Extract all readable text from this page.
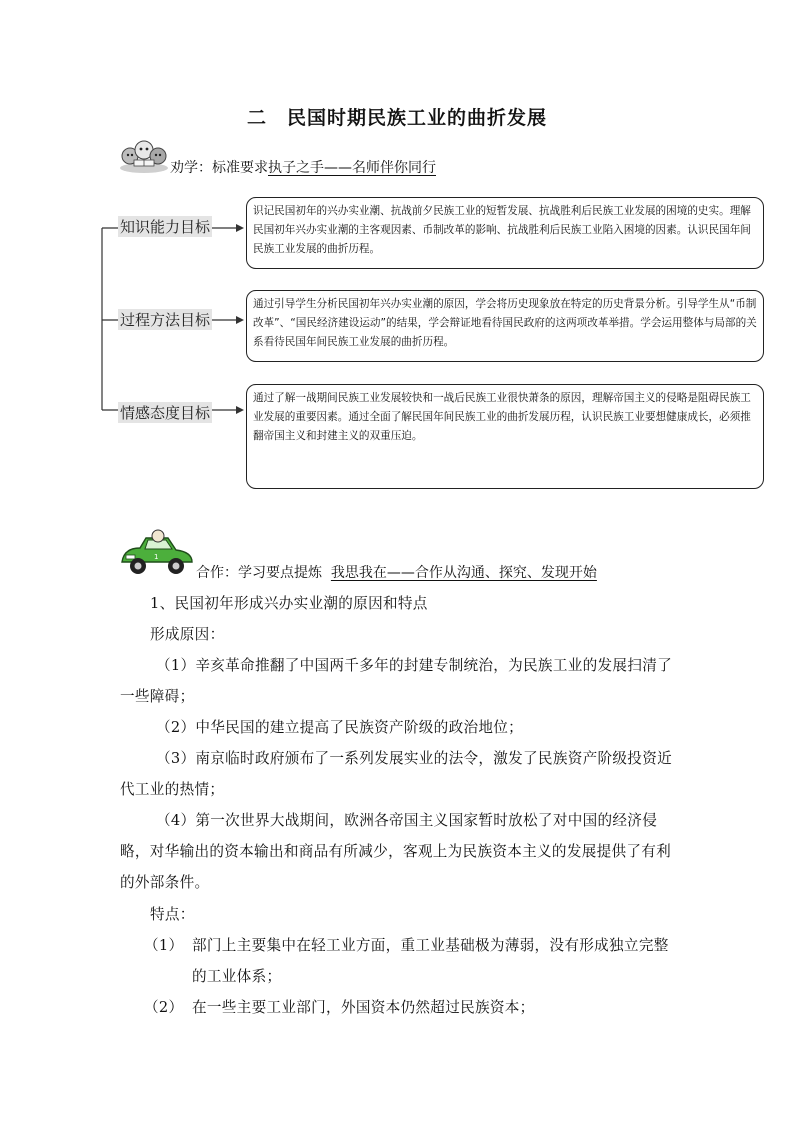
二　民国时期民族工业的曲折发展
劝学：标准要求执子之手——名师伴你同行
知识能力目标
过程方法目标
情感态度目标
识记民国初年的兴办实业潮、抗战前夕民族工业的短暂发展、抗战胜利后民族工业发展的困境的史实。理解民国初年兴办实业潮的主客观因素、币制改革的影响、抗战胜利后民族工业陷入困境的因素。认识民国年间民族工业发展的曲折历程。
通过引导学生分析民国初年兴办实业潮的原因，学会将历史现象放在特定的历史背景分析。引导学生从“币制改革”、“国民经济建设运动”的结果，学会辩证地看待国民政府的这两项改革举措。学会运用整体与局部的关系看待民国年间民族工业发展的曲折历程。
通过了解一战期间民族工业发展较快和一战后民族工业很快萧条的原因，理解帝国主义的侵略是阻碍民族工业发展的重要因素。通过全面了解民国年间民族工业的曲折发展历程，认识民族工业要想健康成长，必须推翻帝国主义和封建主义的双重压迫。
1
合作：学习要点提炼 我思我在——合作从沟通、探究、发现开始
1、民国初年形成兴办实业潮的原因和特点
形成原因：
（1）辛亥革命推翻了中国两千多年的封建专制统治，为民族工业的发展扫清了一些障碍；
（2）中华民国的建立提高了民族资产阶级的政治地位；
（3）南京临时政府颁布了一系列发展实业的法令，激发了民族资产阶级投资近代工业的热情；
（4）第一次世界大战期间，欧洲各帝国主义国家暂时放松了对中国的经济侵略，对华输出的资本输出和商品有所减少，客观上为民族资本主义的发展提供了有利的外部条件。
特点：
（1） 部门上主要集中在轻工业方面，重工业基础极为薄弱，没有形成独立完整的工业体系；
（2） 在一些主要工业部门，外国资本仍然超过民族资本；
